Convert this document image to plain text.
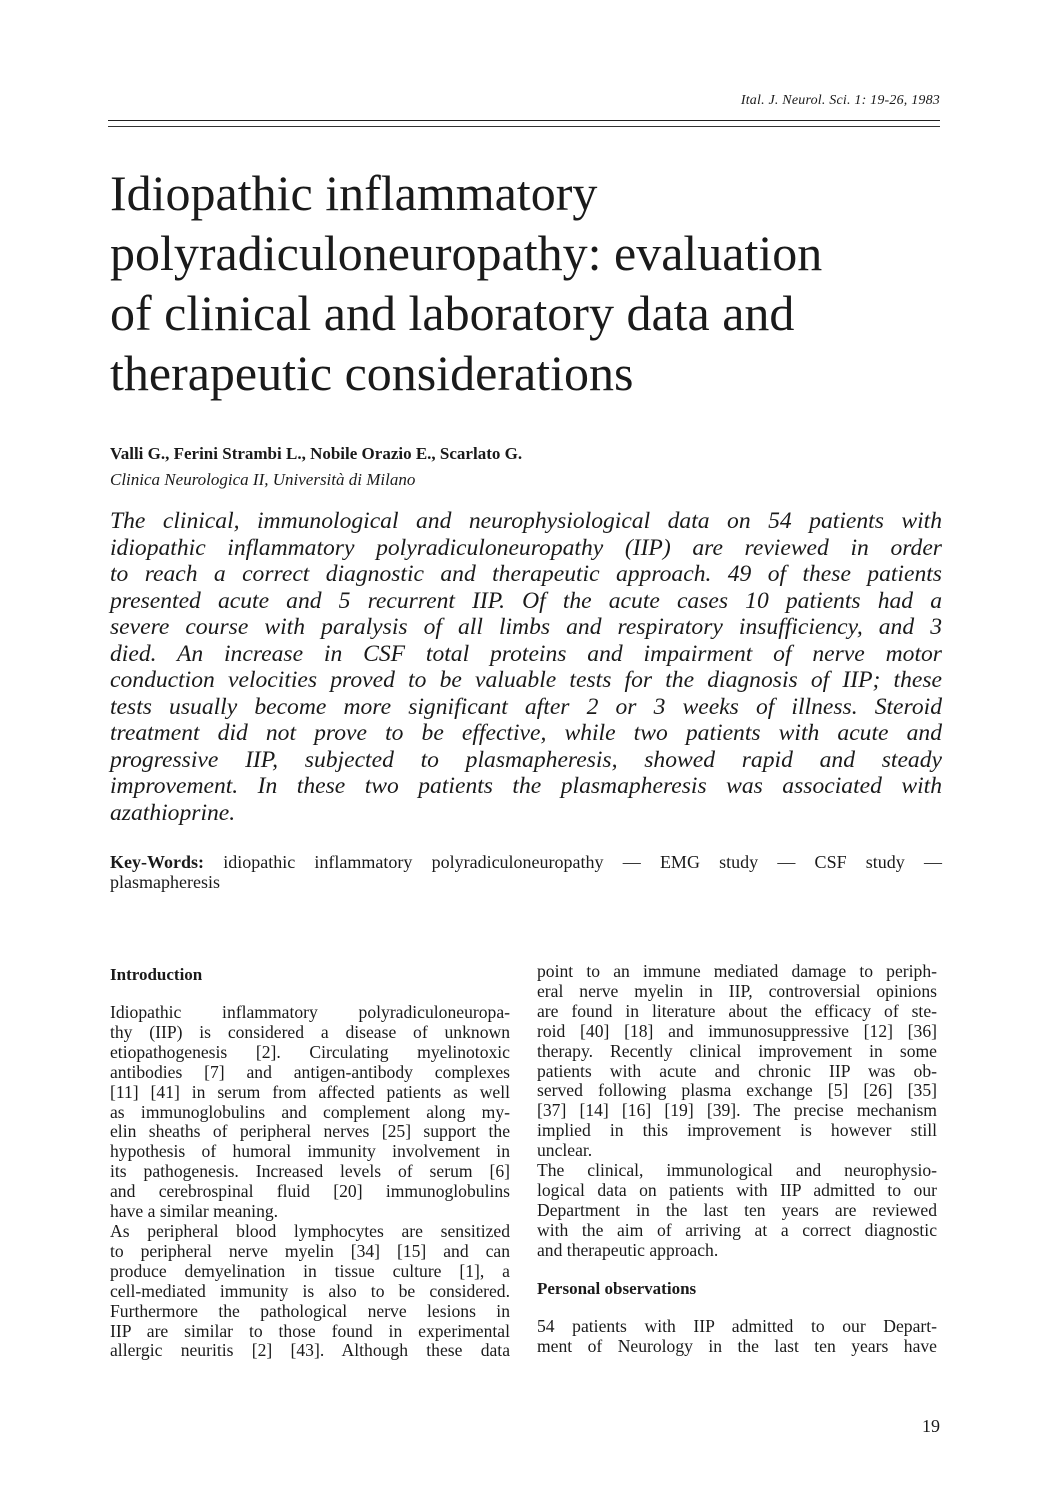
Ital. J. Neurol. Sci. 1: 19-26, 1983
Idiopathic inflammatory
polyradiculoneuropathy: evaluation
of clinical and laboratory data and
therapeutic considerations
Valli G., Ferini Strambi L., Nobile Orazio E., Scarlato G.
Clinica Neurologica II, Università di Milano
The clinical, immunological and neurophysiological data on 54 patients with
idiopathic inflammatory polyradiculoneuropathy (IIP) are reviewed in order
to reach a correct diagnostic and therapeutic approach. 49 of these patients
presented acute and 5 recurrent IIP. Of the acute cases 10 patients had a
severe course with paralysis of all limbs and respiratory insufficiency, and 3
died. An increase in CSF total proteins and impairment of nerve motor
conduction velocities proved to be valuable tests for the diagnosis of IIP; these
tests usually become more significant after 2 or 3 weeks of illness. Steroid
treatment did not prove to be effective, while two patients with acute and
progressive IIP, subjected to plasmapheresis, showed rapid and steady
improvement. In these two patients the plasmapheresis was associated with
azathioprine.
Key-Words: idiopathic inflammatory polyradiculoneuropathy — EMG study — CSF study —
plasmapheresis
Introduction
Idiopathic inflammatory polyradiculoneuropa-
thy (IIP) is considered a disease of unknown
etiopathogenesis [2]. Circulating myelinotoxic
antibodies [7] and antigen-antibody complexes
[11] [41] in serum from affected patients as well
as immunoglobulins and complement along my-
elin sheaths of peripheral nerves [25] support the
hypothesis of humoral immunity involvement in
its pathogenesis. Increased levels of serum [6]
and cerebrospinal fluid [20] immunoglobulins
have a similar meaning.
As peripheral blood lymphocytes are sensitized
to peripheral nerve myelin [34] [15] and can
produce demyelination in tissue culture [1], a
cell-mediated immunity is also to be considered.
Furthermore the pathological nerve lesions in
IIP are similar to those found in experimental
allergic neuritis [2] [43]. Although these data
point to an immune mediated damage to periph-
eral nerve myelin in IIP, controversial opinions
are found in literature about the efficacy of ste-
roid [40] [18] and immunosuppressive [12] [36]
therapy. Recently clinical improvement in some
patients with acute and chronic IIP was ob-
served following plasma exchange [5] [26] [35]
[37] [14] [16] [19] [39]. The precise mechanism
implied in this improvement is however still
unclear.
The clinical, immunological and neurophysio-
logical data on patients with IIP admitted to our
Department in the last ten years are reviewed
with the aim of arriving at a correct diagnostic
and therapeutic approach.
Personal observations
54 patients with IIP admitted to our Depart-
ment of Neurology in the last ten years have
19
